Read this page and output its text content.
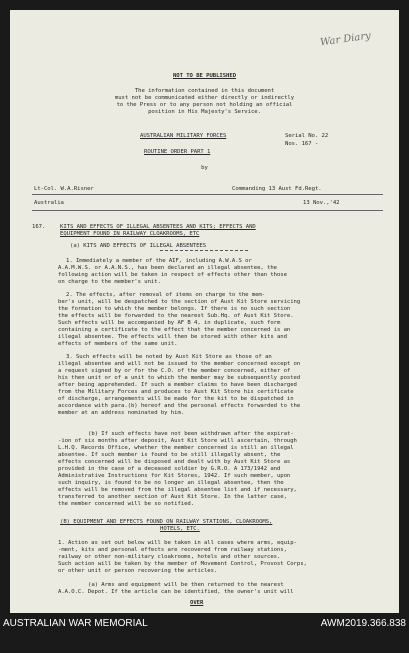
War Diary
NOT TO BE PUBLISHED
The information contained in this document
must not be communicated either directly or indirectly
to the Press or to any person not holding an official
position in His Majesty's Service.
AUSTRALIAN MILITARY FORCES	Serial No. 22
Nos. 167 -
ROUTINE ORDER PART 1
by
Lt-Col. W.A.Risner	Commanding 13 Aust Fd.Regt.
Australia	13 Nov.,'42
167.	KITS AND EFFECTS OF ILLEGAL ABSENTEES AND KITS; EFFECTS AND
EQUIPMENT FOUND IN RAILWAY CLOAKROOMS, ETC
(a) KITS AND EFFECTS OF ILLEGAL ABSENTEES
1. Immediately a member of the AIF, including A.W.A.S or
A.A.M.W.S. or A.A.N.S., has been declared an illegal absentee, the
following action will be taken in respect of effects other than those
on charge to the member's unit.
2. The effects, after removal of items on charge to the mem-
ber's unit, will be despatched to the section of Aust Kit Store servicing
the formation to which the member belongs. If there is no such section
the effects will be forwarded to the nearest Sub.Hq. of Aust Kit Store.
Such effects will be accompanied by AF B 4, in duplicate, such form
containing a certificate to the effect that the member concerned is an
illegal absentee. The effects will then be stored with other kits and
effects of members of the same unit.
3. Such effects will be noted by Aust Kit Store as those of an
illegal absentee and will not be issued to the member concerned except on
a request signed by or for the C.O. of the member concerned, either of
his then unit or of a unit to which the member may be subsequently posted
after being apprehended. If such a member claims to have been discharged
from the Military Forces and produces to Aust Kit Store his certificate
of discharge, arrangements will be made for the kit to be dispatched in
accordance with para.(b) hereof and the personal effects forwarded to the
member at an address nominated by him.
(b) If such effects have not been withdrawn after the expirat-
-ion of six months after deposit, Aust Kit Store will ascertain, through
L.H.Q. Records Office, whether the member concerned is still an illegal
absentee. If such member is found to be still illegally absent, the
effects concerned will be disposed and dealt with by Aust Kit Store as
provided in the case of a deceased soldier by G.R.O. A 173/1942 and
Administrative Instructions for Kit Stores, 1942. If such member, upon
such inquiry, is found to be no longer an illegal absentee, then the
effects will be removed from the illegal absentee list and if necessary,
transferred to another section of Aust Kit Store. In the latter case,
the member concerned will be so notified.
(B) EQUIPMENT AND EFFECTS FOUND ON RAILWAY STATIONS, CLOAKROOMS,
HOTELS, ETC.
1. Action as set out below will be taken in all cases where arms, equip-
-ment, kits and personal effects are recovered from railway stations,
railway or other non-military cloakrooms, hotels and other sources.
Such action will be taken by the member of Movement Control, Provost Corps,
or other unit or person recovering the articles.
(a) Arms and equipment will be then returned to the nearest
A.A.O.C. Depot. If the article can be identified, the owner's unit will
OVER
AUSTRALIAN WAR MEMORIAL	AWM2019.366.838
